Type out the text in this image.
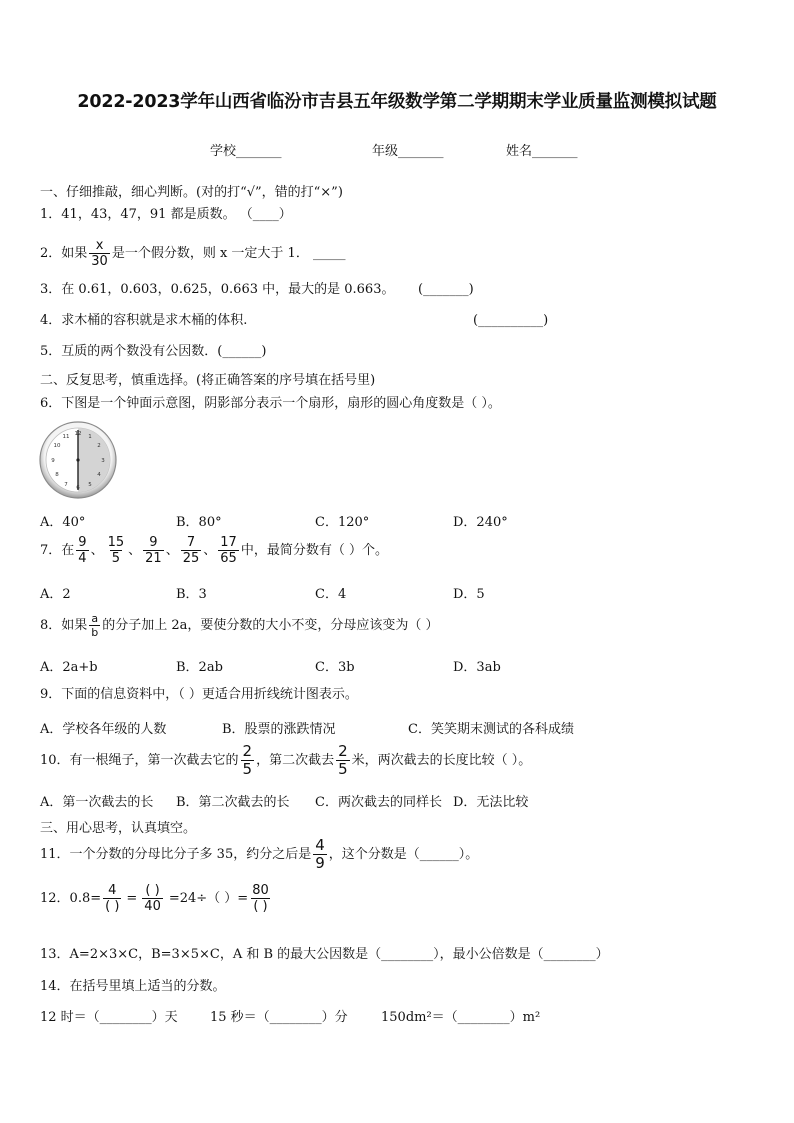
2022-2023学年山西省临汾市吉县五年级数学第二学期期末学业质量监测模拟试题
学校_______	年级_______	姓名_______
一、仔细推敲，细心判断。(对的打“√”，错的打“×”)
1．41，43，47，91 都是质数。 （____）
2．如果 $\frac{x}{30}$ 是一个假分数，则 x 一定大于 1． _____
3．在 0.61，0.603，0.625，0.663 中，最大的是 0.663。 (_______)
4．求木桶的容积就是求木桶的体积.	(__________)
5．互质的两个数没有公因数．(______)
二、反复思考，慎重选择。(将正确答案的序号填在括号里)
6．下图是一个钟面示意图，阴影部分表示一个扇形，扇形的圆心角度数是（ ）。
12 1
2
3
4
5
6
7
8
9
10
11
A．40°	B．80°	C．120°	D．240°
7．在 $\frac{9}{4}$ 、 $\frac{15}{5}$ 、 $\frac{9}{21}$ 、 $\frac{7}{25}$ 、 $\frac{17}{65}$ 中，最简分数有（ ）个。
A．2	B．3	C．4	D．5
8．如果 $\frac{a}{b}$ 的分子加上 2a，要使分数的大小不变，分母应该变为（ ）
A．2a+b	B．2ab	C．3b	D．3ab
9．下面的信息资料中，（ ）更适合用折线统计图表示。
A．学校各年级的人数	B．股票的涨跌情况	C．笑笑期末测试的各科成绩
10．有一根绳子，第一次截去它的 $\frac{2}{5}$ ，第二次截去 $\frac{2}{5}$ 米，两次截去的长度比较（ ）。
A．第一次截去的长 B．第二次截去的长 C．两次截去的同样长 D．无法比较
三、用心思考，认真填空。
11．一个分数的分母比分子多 35，约分之后是 $\frac{4}{9}$ ，这个分数是（______）。
12．$0.8= \frac{4}{( )} = \frac{( )}{40} =24\div$（ ）= $\frac{80}{( )}$
13．A=2×3×C，B=3×5×C，A 和 B 的最大公因数是（________），最小公倍数是（________）
14．在括号里填上适当的分数。
12 时＝（________）天 15 秒＝（________）分	150dm²＝（________）m²
